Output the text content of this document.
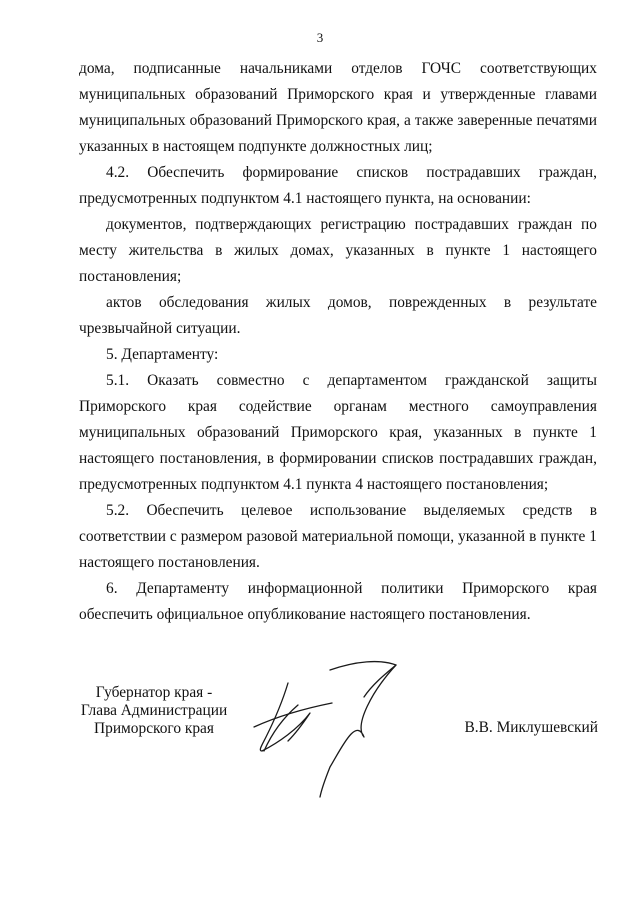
3

дома, подписанные начальниками отделов ГОЧС соответствующих муниципальных образований Приморского края и утвержденные главами муниципальных образований Приморского края, а также заверенные печатями указанных в настоящем подпункте должностных лиц;

4.2. Обеспечить формирование списков пострадавших граждан, предусмотренных подпунктом 4.1 настоящего пункта, на основании:

документов, подтверждающих регистрацию пострадавших граждан по месту жительства в жилых домах, указанных в пункте 1 настоящего постановления;

актов обследования жилых домов, поврежденных в результате чрезвычайной ситуации.

5. Департаменту:

5.1. Оказать совместно с департаментом гражданской защиты Приморского края содействие органам местного самоуправления муниципальных образований Приморского края, указанных в пункте 1 настоящего постановления, в формировании списков пострадавших граждан, предусмотренных подпунктом 4.1 пункта 4 настоящего постановления;

5.2. Обеспечить целевое использование выделяемых средств в соответствии с размером разовой материальной помощи, указанной в пункте 1 настоящего постановления.

6. Департаменту информационной политики Приморского края обеспечить официальное опубликование настоящего постановления.

Губернатор края -
Глава Администрации
Приморского края	В.В. Миклушевский
